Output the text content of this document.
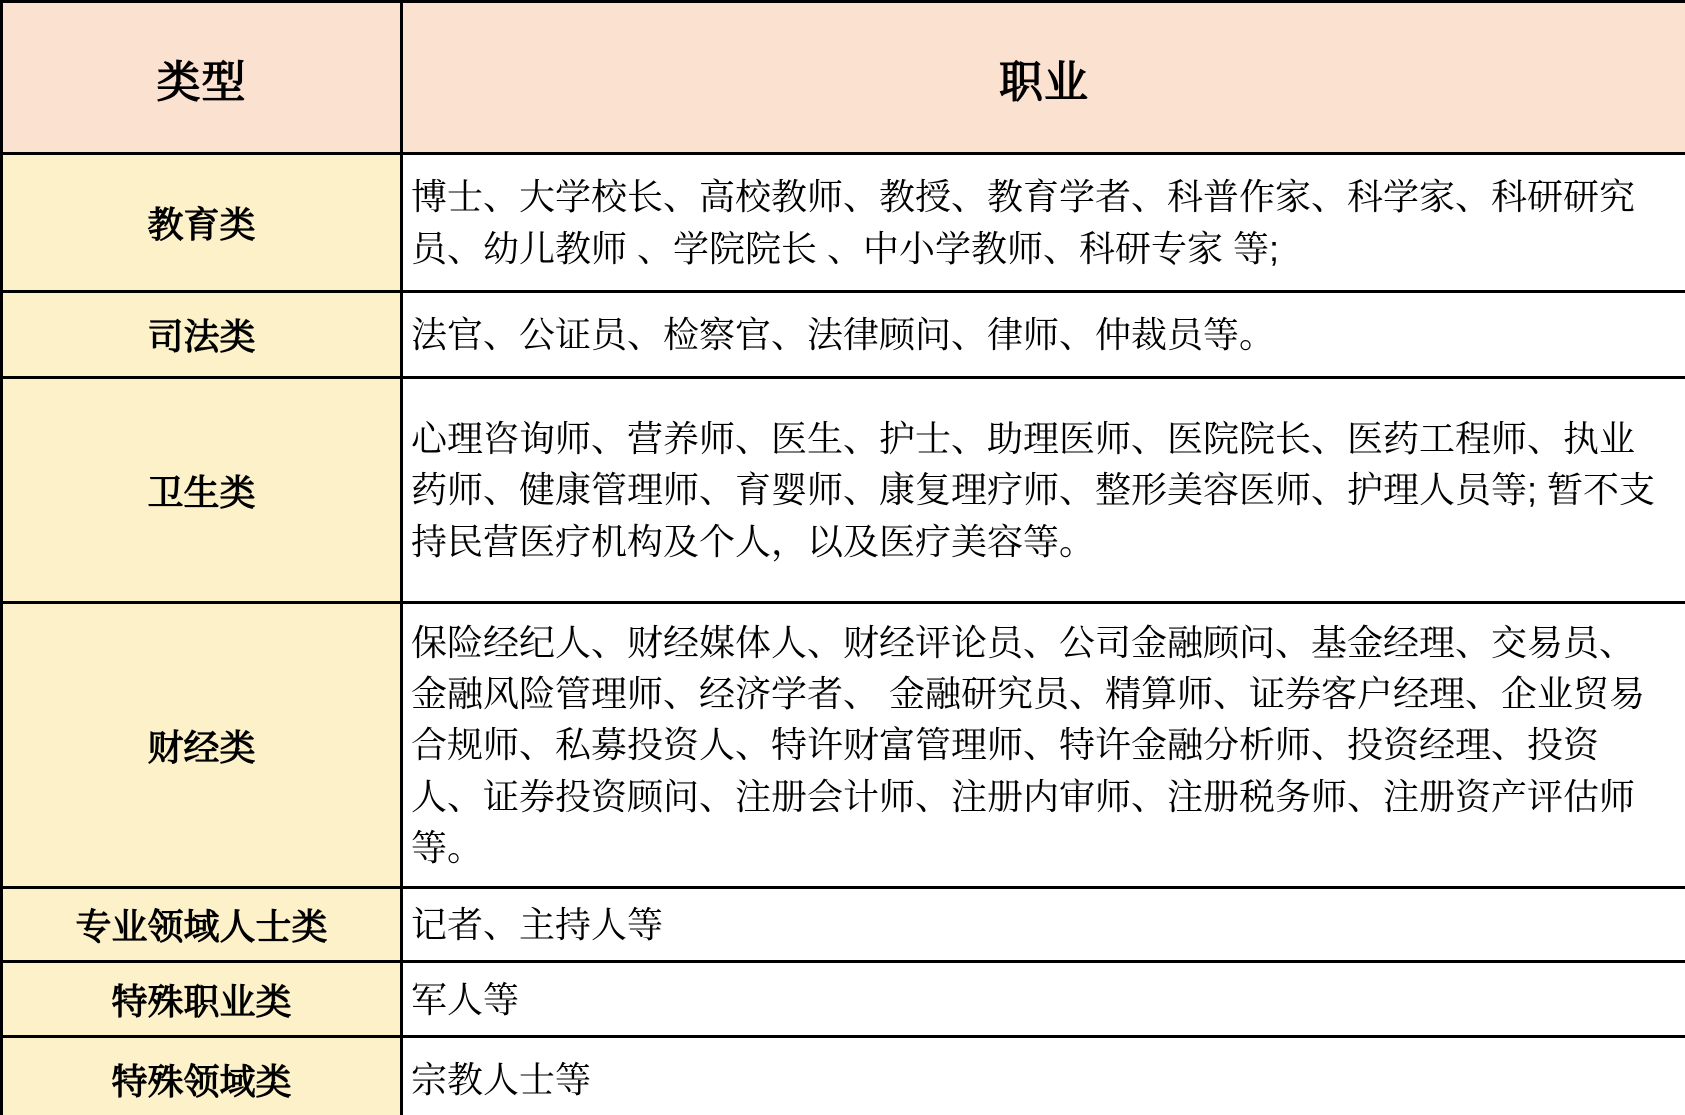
类型	职业
教育类	博士、大学校长、高校教师、教授、教育学者、科普作家、科学家、科研研究员、幼儿教师 、学院院长 、中小学教师、科研专家 等;
司法类	法官、公证员、检察官、法律顾问、律师、仲裁员等。
卫生类	心理咨询师、营养师、医生、护士、助理医师、医院院长、医药工程师、执业药师、健康管理师、育婴师、康复理疗师、整形美容医师、护理人员等; 暂不支持民营医疗机构及个人，以及医疗美容等。
财经类	保险经纪人、财经媒体人、财经评论员、公司金融顾问、基金经理、交易员、金融风险管理师、经济学者、 金融研究员、精算师、证券客户经理、企业贸易合规师、私募投资人、特许财富管理师、特许金融分析师、投资经理、投资人、证券投资顾问、注册会计师、注册内审师、注册税务师、注册资产评估师等。
专业领域人士类	记者、主持人等
特殊职业类	军人等
特殊领域类	宗教人士等
